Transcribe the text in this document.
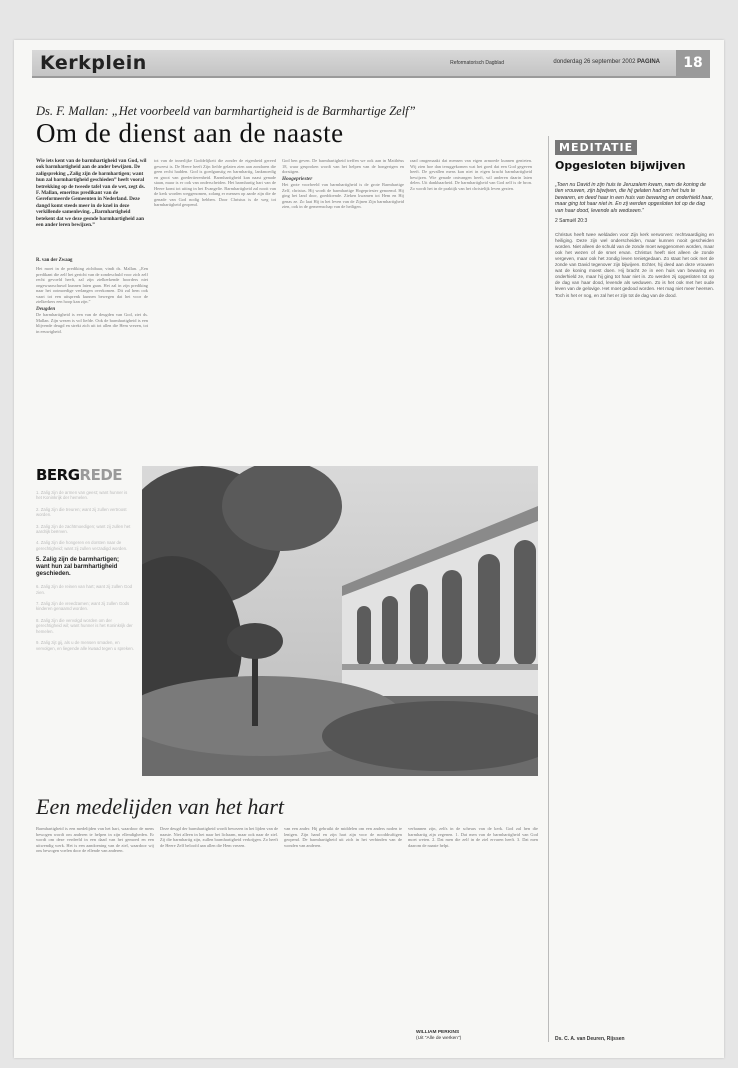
Kerkplein	Reformatorisch Dagblad	donderdag 26 september 2002 PAGINA	18
Ds. F. Mallan: „Het voorbeeld van barmhartigheid is de Barmhartige Zelf”
Om de dienst aan de naaste
Wie iets kent van de barmhartigheid van God, wil ook barmhartigheid aan de ander bewijzen. De zaligspreking „Zalig zijn de barmhartigen; want hun zal barmhartigheid geschieden” heeft vooral betrekking op de tweede tafel van de wet, zegt ds. F. Mallan, emeritus predikant van de Gereformeerde Gemeenten in Nederland. Deze dangd komt steeds meer in de knel in deze verkillende samenleving. „Barmhartigheid betekent dat we deze gesnde barmhartigheid aan een ander leren bewijzen.”
R. van der Zwaag
Het moet in de prediking zichtbaar, vindt ds. Mallan. „Een predikant die zelf het gericht van de zondeschuld voor zich zelf recht gevoeld heeft, zal zijn zielkerkende hoorders niet ongewaarschuwd kunnen laten gaan. Het zal in zijn prediking naar het ootmoedige verlangen overkomen. Dit zal hem ook vaart tot een uitsprenk kunnen bewegen dat het voor de zielkerkers een hoop kan zijn.”
Deugden
De barmhartigheid is een van de deugden van God, ziet ds. Mallan. Zijn wezen is vol liefde. Ook de barmhartigheid is een blijvende deugd en strekt zich uit tot allen die Hem vrezen, tot in eeuwigheid.
tot van de innerlijke Goddelijkeit die zonder de eigenheid gereed geweest is. De Heere heeft Zijn liefde gelaten zien aan zondaren die geen recht hadden. God is goedgunstig en barmhartig, lankmoedig en groot van goedertierenheid. Barmhartigheid kan naast genade staan, maar is er ook van onderscheiden. Het barmhartig hart van de Heere komt tot uiting in het Evangelie. Barmhartigheid zal nooit van de kerk worden weggenomen, zolang er mensen op aarde zijn die de genade van God nodig hebben. Door Christus is de weg tot barmhartigheid geopend.
God ben geven. De barmhartigheid treffen we ook aan in Matthëus 18, waar gesproken wordt van het helpen van de hongerigen en dorstigen.
Hoogepriester
Het grote voorbeeld van barmhartigheid is de grote Barmhartige Zelf, christus. Hij wordt de barmhartige Hogepriester genoemd. Hij ging het land door, goeddoende. Zieken kwamen tot Hem en Hij genas ze. Zo laat Hij in het leven van de Zijnen Zijn barmhartigheid zien, ook in de gemeenschap van de heiligen.
raad omgemaakt dat mensen van eigen armoede kunnen genieten. Wij zien hoe dan teruggekomen wat het goed dat een God gegeven heeft. De gevallen mens kan niet in eigen kracht barmhartigheid bewijzen. Wie genade ontvangen heeft, wil anderen daarin laten delen. Uit dankbaarheid. De barmhartigheid van God zelf is de bron. Zo wordt het in de praktijk van het christelijk leven gezien.
MEDITATIE
Opgesloten bijwijven
„Toen nu David in zijn huis te Jeruzalem kwam, nam de koning de tien vrouwen, zijn bijwijven, die hij gelaten had om het huis te bewaren, en deed haar in een huis van bewaring en onderhield haar, maar ging tot haar niet in. En zij werden opgesloten tot op de dag van haar dood, levende als weduwen.”
2 Samuël 20:3
Christus heeft twee weldaden voor Zijn kerk verworven: rechtvaardiging en heiliging. Deze zijn wel onderscheiden, maar kunnen nooit gescheiden worden. Niet alleen de schuld van de zonde moet weggenomen worden, maar ook het wezen of de smet ervan. Christus heeft niet alleen de zonde vergeven, maar ook het zondig leven tenietgedaan. Zo staat het ook met de zonde van David tegenover zijn bijwijven. Echter, hij deed aan deze vrouwen wat de koning moest doen. Hij bracht ze in een huis van bewaring en onderhield ze, maar hij ging tot haar niet in. Zo werden zij opgesloten tot op de dag van haar dood, levende als weduwen. Zo is het ook met het oude leven van de gelovige. Het moet gedood worden. Het mag niet meer heersen. Toch is het er nog, en zal het er zijn tot de dag van de dood.
Ds. C. A. van Deuren, Rijssen
BERGREDE
1. Zalig zijn de armen van geest; want hunner is het Koninkrijk der hemelen.
2. Zalig zijn die treuren; want zij zullen vertroost worden.
3. Zalig zijn de zachtmoedigen; want zij zullen het aardrijk beërven.
4. Zalig zijn die hongeren en dorsten naar de gerechtigheid; want zij zullen verzadigd worden.
5. Zalig zijn de barmhartigen; want hun zal barmhartigheid geschieden.
6. Zalig zijn de reinen van hart; want zij zullen God zien.
7. Zalig zijn de vreedzamen; want zij zullen Gods kinderen genaamd worden.
8. Zalig zijn die vervolgd worden om der gerechtigheid wil; want hunner is het Koninkrijk der hemelen.
9. Zalig zijt gij, als u de mensen smaden, en vervolgen, en liegende alle kwaad tegen u spreken.
Een medelijden van het hart
Barmhartigheid is een medelijden van het hart, waardoor de mens bewogen wordt om anderen te helpen in zijn ellendigheden. Er wordt om deze verdeeld in een daad van het gemoed en een uitwendig werk. Het is een aandoening van de ziel, waardoor wij ons bewogen voelen door de ellende van anderen.
Deze deugd der barmhartigheid wordt bewezen in het lijden van de naaste. Niet alleen in het naar het lichaam, maar ook naar de ziel. Zij die barmhartig zijn, zullen barmhartigheid verkrijgen. Zo heeft de Heere Zelf beloofd aan allen die Hem vrezen.
van een ander. Hij gebruikt de middelen om een anders noden te lenigen. Zijn hand en zijn hart zijn voor de nooddruftigen geopend. De barmhartigheid uit zich in het verbinden van de wonden van anderen.
verbannen zijn, zelfs in de scheurs van de kerk. God zal hen die barmhartig zijn zegenen. 1. Dat men van de barmhartigheid van God moet weten. 2. Dat men die zelf in de ziel ervaren heeft. 3. Dat men daarom de naaste helpt.
WILLIAM PERKINS
(Uit "Alle de werken")
